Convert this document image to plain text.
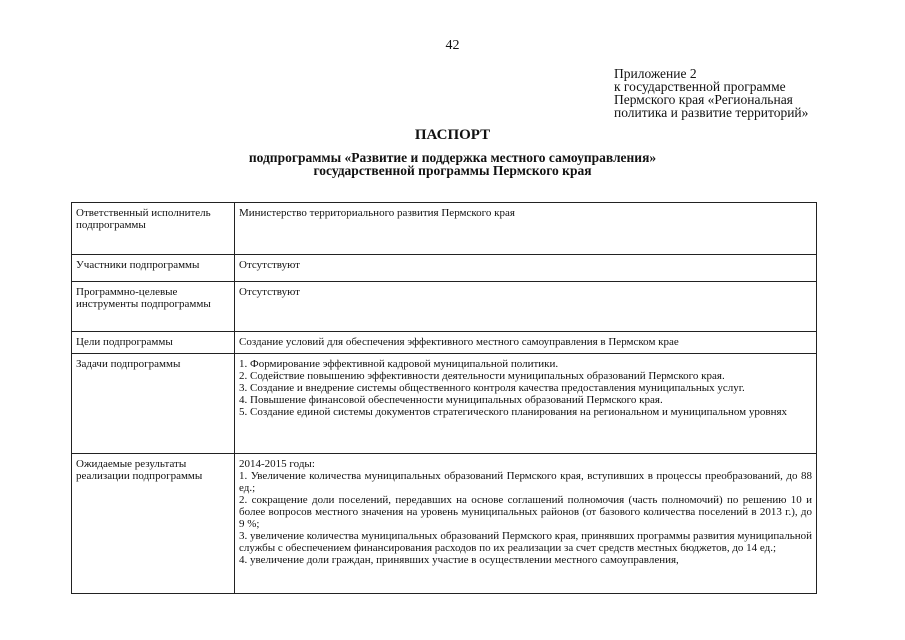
42
Приложение 2
к государственной программе
Пермского края «Региональная
политика и развитие территорий»
ПАСПОРТ
подпрограммы «Развитие и поддержка местного самоуправления»
государственной программы Пермского края
Ответственный исполнитель подпрограммы	Министерство территориального развития Пермского края
Участники подпрограммы	Отсутствуют
Программно-целевые инструменты подпрограммы	Отсутствуют
Цели подпрограммы	Создание условий для обеспечения эффективного местного самоуправления в Пермском крае
Задачи подпрограммы	1. Формирование эффективной кадровой муниципальной политики.
2. Содействие повышению эффективности деятельности муниципальных образований Пермского края.
3. Создание и внедрение системы общественного контроля качества предоставления муниципальных услуг.
4. Повышение финансовой обеспеченности муниципальных образований Пермского края.
5. Создание единой системы документов стратегического планирования на региональном и муниципальном уровнях

Ожидаемые результаты реализации подпрограммы	2014-2015 годы:
1. Увеличение количества муниципальных образований Пермского края, вступивших в процессы преобразований, до 88 ед.;
2. сокращение доли поселений, передавших на основе соглашений полномочия (часть полномочий) по решению 10 и более вопросов местного значения на уровень муниципальных районов (от базового количества поселений в 2013 г.), до 9 %;
3. увеличение количества муниципальных образований Пермского края, принявших программы развития муниципальной службы с обеспечением финансирования расходов по их реализации за счет средств местных бюджетов, до 14 ед.;
4. увеличение доли граждан, принявших участие в осуществлении местного самоуправления,
